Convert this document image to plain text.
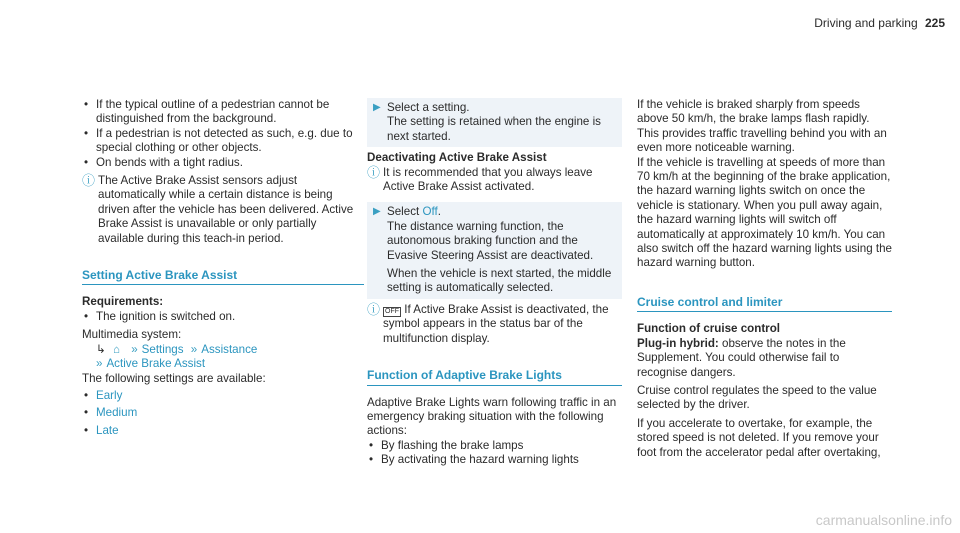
Driving and parking 225
• If the typical outline of a pedestrian cannot be distinguished from the background.
• If a pedestrian is not detected as such, e.g. due to special clothing or other objects.
• On bends with a tight radius.
ⓘ The Active Brake Assist sensors adjust automatically while a certain distance is being driven after the vehicle has been delivered. Active Brake Assist is unavailable or only partially available during this teach-in period.
Setting Active Brake Assist
Requirements:
• The ignition is switched on.
Multimedia system:
↳ ⌂ » Settings » Assistance
» Active Brake Assist
The following settings are available:
• Early
• Medium
• Late
▶ Select a setting.
The setting is retained when the engine is next started.
Deactivating Active Brake Assist
ⓘ It is recommended that you always leave Active Brake Assist activated.
▶ Select Off.
The distance warning function, the autonomous braking function and the Evasive Steering Assist are deactivated.
When the vehicle is next started, the middle setting is automatically selected.
ⓘ OFF If Active Brake Assist is deactivated, the symbol appears in the status bar of the multifunction display.
Function of Adaptive Brake Lights
Adaptive Brake Lights warn following traffic in an emergency braking situation with the following actions:
• By flashing the brake lamps
• By activating the hazard warning lights
If the vehicle is braked sharply from speeds above 50 km/h, the brake lamps flash rapidly. This provides traffic travelling behind you with an even more noticeable warning.
If the vehicle is travelling at speeds of more than 70 km/h at the beginning of the brake application, the hazard warning lights switch on once the vehicle is stationary. When you pull away again, the hazard warning lights will switch off automatically at approximately 10 km/h. You can also switch off the hazard warning lights using the hazard warning button.
Cruise control and limiter
Function of cruise control
Plug-in hybrid: observe the notes in the Supplement. You could otherwise fail to recognise dangers.
Cruise control regulates the speed to the value selected by the driver.
If you accelerate to overtake, for example, the stored speed is not deleted. If you remove your foot from the accelerator pedal after overtaking,
carmanualsonline.info
